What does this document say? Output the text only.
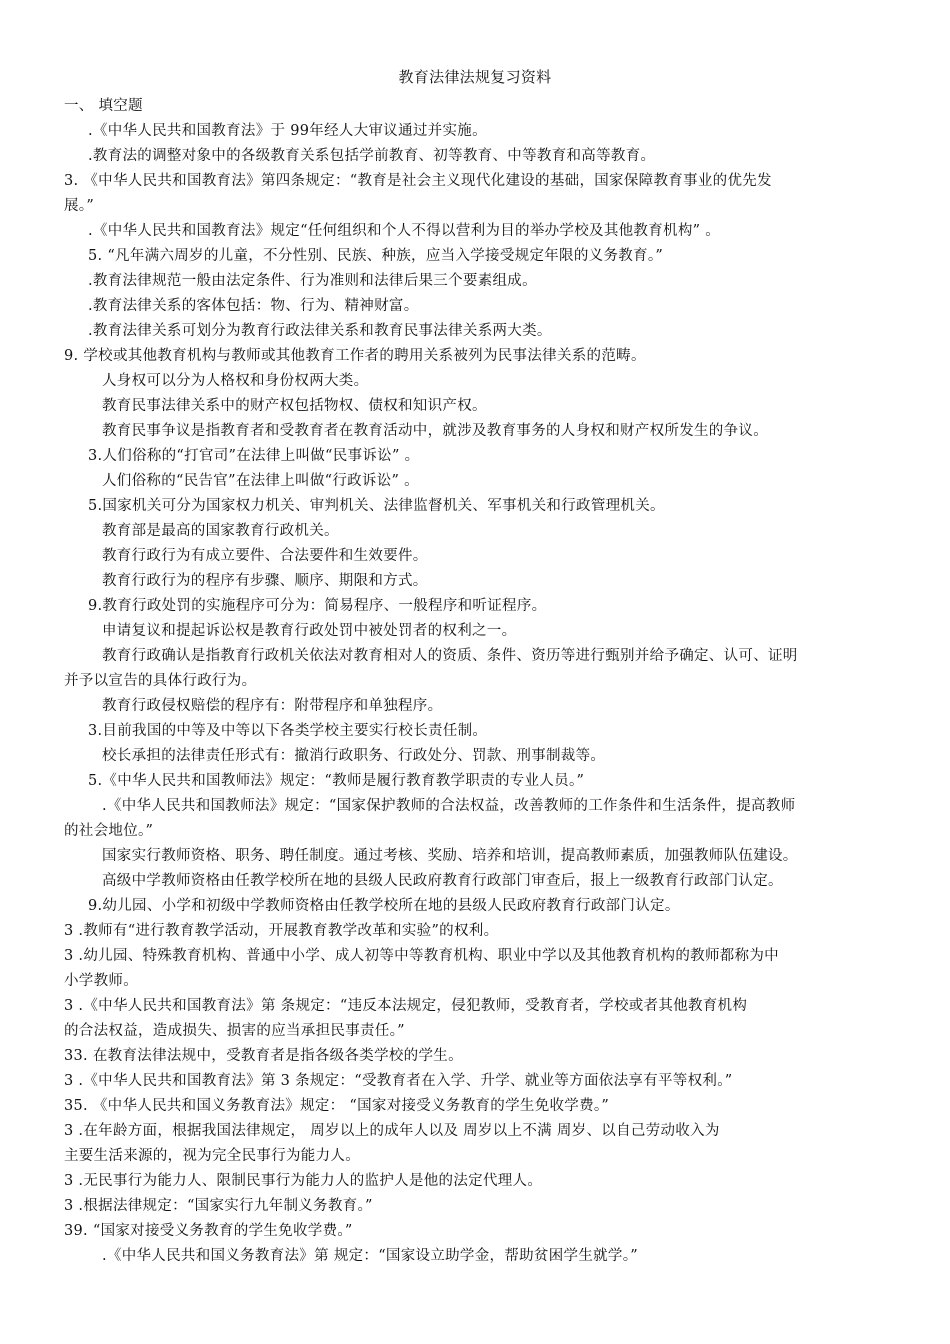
教育法律法规复习资料
一、 填空题
.《中华人民共和国教育法》于 99年经人大审议通过并实施。
.教育法的调整对象中的各级教育关系包括学前教育、初等教育、中等教育和高等教育。
3. 《中华人民共和国教育法》第四条规定：“教育是社会主义现代化建设的基础，国家保障教育事业的优先发
展。”
.《中华人民共和国教育法》规定“任何组织和个人不得以营利为目的举办学校及其他教育机构” 。
5. “凡年满六周岁的儿童，不分性别、民族、种族，应当入学接受规定年限的义务教育。”
.教育法律规范一般由法定条件、行为准则和法律后果三个要素组成。
.教育法律关系的客体包括：物、行为、精神财富。
.教育法律关系可划分为教育行政法律关系和教育民事法律关系两大类。
9. 学校或其他教育机构与教师或其他教育工作者的聘用关系被列为民事法律关系的范畴。
人身权可以分为人格权和身份权两大类。
教育民事法律关系中的财产权包括物权、债权和知识产权。
教育民事争议是指教育者和受教育者在教育活动中，就涉及教育事务的人身权和财产权所发生的争议。
3.人们俗称的“打官司”在法律上叫做“民事诉讼” 。
人们俗称的“民告官”在法律上叫做“行政诉讼” 。
5.国家机关可分为国家权力机关、审判机关、法律监督机关、军事机关和行政管理机关。
教育部是最高的国家教育行政机关。
教育行政行为有成立要件、合法要件和生效要件。
教育行政行为的程序有步骤、顺序、期限和方式。
9.教育行政处罚的实施程序可分为：简易程序、一般程序和听证程序。
申请复议和提起诉讼权是教育行政处罚中被处罚者的权利之一。
教育行政确认是指教育行政机关依法对教育相对人的资质、条件、资历等进行甄别并给予确定、认可、证明
并予以宣告的具体行政行为。
教育行政侵权赔偿的程序有：附带程序和单独程序。
3.目前我国的中等及中等以下各类学校主要实行校长责任制。
校长承担的法律责任形式有：撤消行政职务、行政处分、罚款、刑事制裁等。
5.《中华人民共和国教师法》规定：“教师是履行教育教学职责的专业人员。”
.《中华人民共和国教师法》规定：“国家保护教师的合法权益，改善教师的工作条件和生活条件，提高教师
的社会地位。”
国家实行教师资格、职务、聘任制度。通过考核、奖励、培养和培训，提高教师素质，加强教师队伍建设。
高级中学教师资格由任教学校所在地的县级人民政府教育行政部门审查后，报上一级教育行政部门认定。
9.幼儿园、小学和初级中学教师资格由任教学校所在地的县级人民政府教育行政部门认定。
3 .教师有“进行教育教学活动，开展教育教学改革和实验”的权利。
3 .幼儿园、特殊教育机构、普通中小学、成人初等中等教育机构、职业中学以及其他教育机构的教师都称为中
小学教师。
3 .《中华人民共和国教育法》第 条规定：“违反本法规定，侵犯教师，受教育者，学校或者其他教育机构
的合法权益，造成损失、损害的应当承担民事责任。”
33. 在教育法律法规中，受教育者是指各级各类学校的学生。
3 .《中华人民共和国教育法》第 3 条规定：“受教育者在入学、升学、就业等方面依法享有平等权利。”
35. 《中华人民共和国义务教育法》规定： “国家对接受义务教育的学生免收学费。”
3 .在年龄方面，根据我国法律规定， 周岁以上的成年人以及 周岁以上不满 周岁、以自己劳动收入为
主要生活来源的，视为完全民事行为能力人。
3 .无民事行为能力人、限制民事行为能力人的监护人是他的法定代理人。
3 .根据法律规定：“国家实行九年制义务教育。”
39. “国家对接受义务教育的学生免收学费。”
.《中华人民共和国义务教育法》第 规定：“国家设立助学金，帮助贫困学生就学。”
